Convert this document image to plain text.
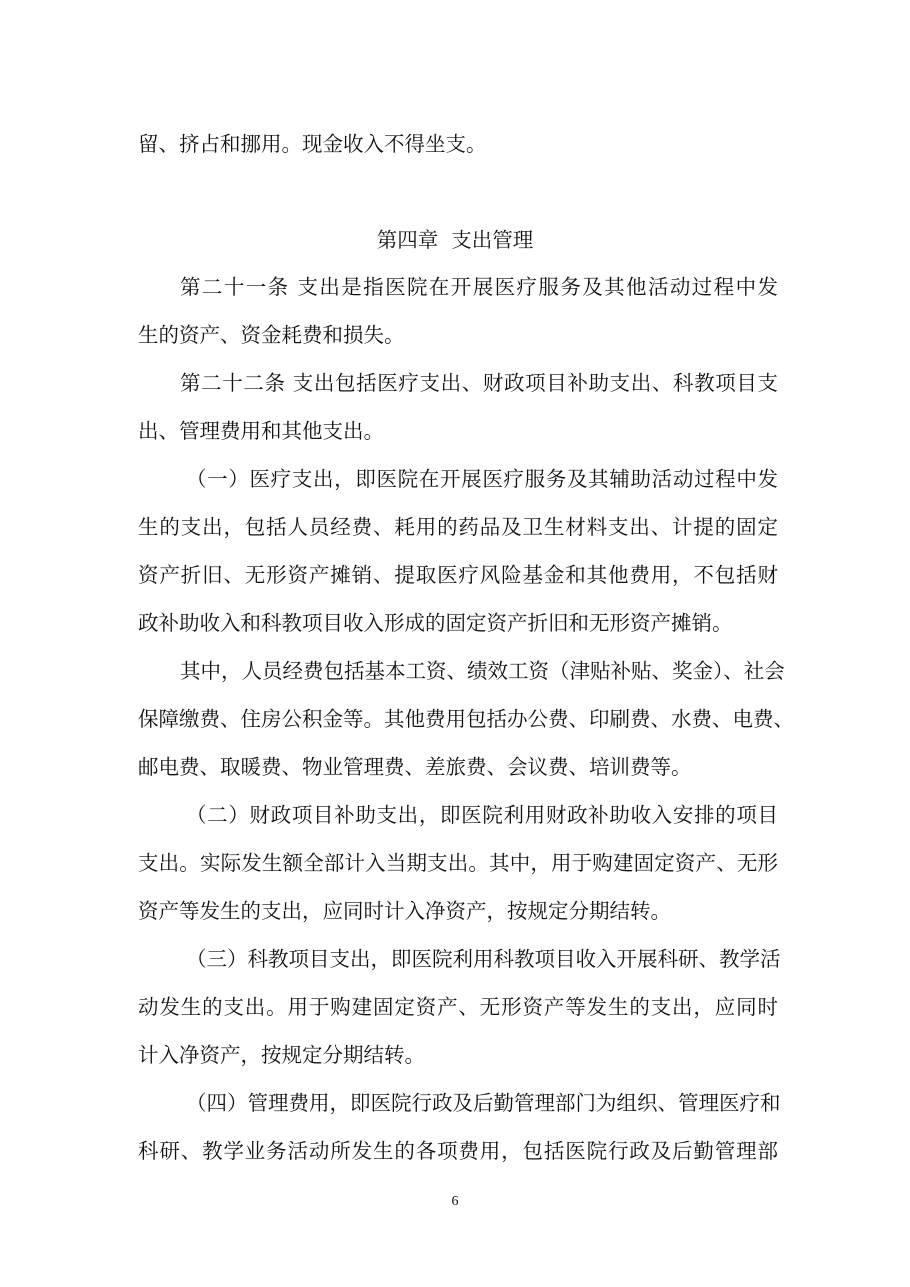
留、挤占和挪用。现金收入不得坐支。
第四章  支出管理
第二十一条 支出是指医院在开展医疗服务及其他活动过程中发
生的资产、资金耗费和损失。
第二十二条 支出包括医疗支出、财政项目补助支出、科教项目支
出、管理费用和其他支出。
（一）医疗支出，即医院在开展医疗服务及其辅助活动过程中发
生的支出，包括人员经费、耗用的药品及卫生材料支出、计提的固定
资产折旧、无形资产摊销、提取医疗风险基金和其他费用，不包括财
政补助收入和科教项目收入形成的固定资产折旧和无形资产摊销。
其中，人员经费包括基本工资、绩效工资（津贴补贴、奖金）、社会
保障缴费、住房公积金等。其他费用包括办公费、印刷费、水费、电费、
邮电费、取暖费、物业管理费、差旅费、会议费、培训费等。
（二）财政项目补助支出，即医院利用财政补助收入安排的项目
支出。实际发生额全部计入当期支出。其中，用于购建固定资产、无形
资产等发生的支出，应同时计入净资产，按规定分期结转。
（三）科教项目支出，即医院利用科教项目收入开展科研、教学活
动发生的支出。用于购建固定资产、无形资产等发生的支出，应同时
计入净资产，按规定分期结转。
（四）管理费用，即医院行政及后勤管理部门为组织、管理医疗和
科研、教学业务活动所发生的各项费用，包括医院行政及后勤管理部
6
